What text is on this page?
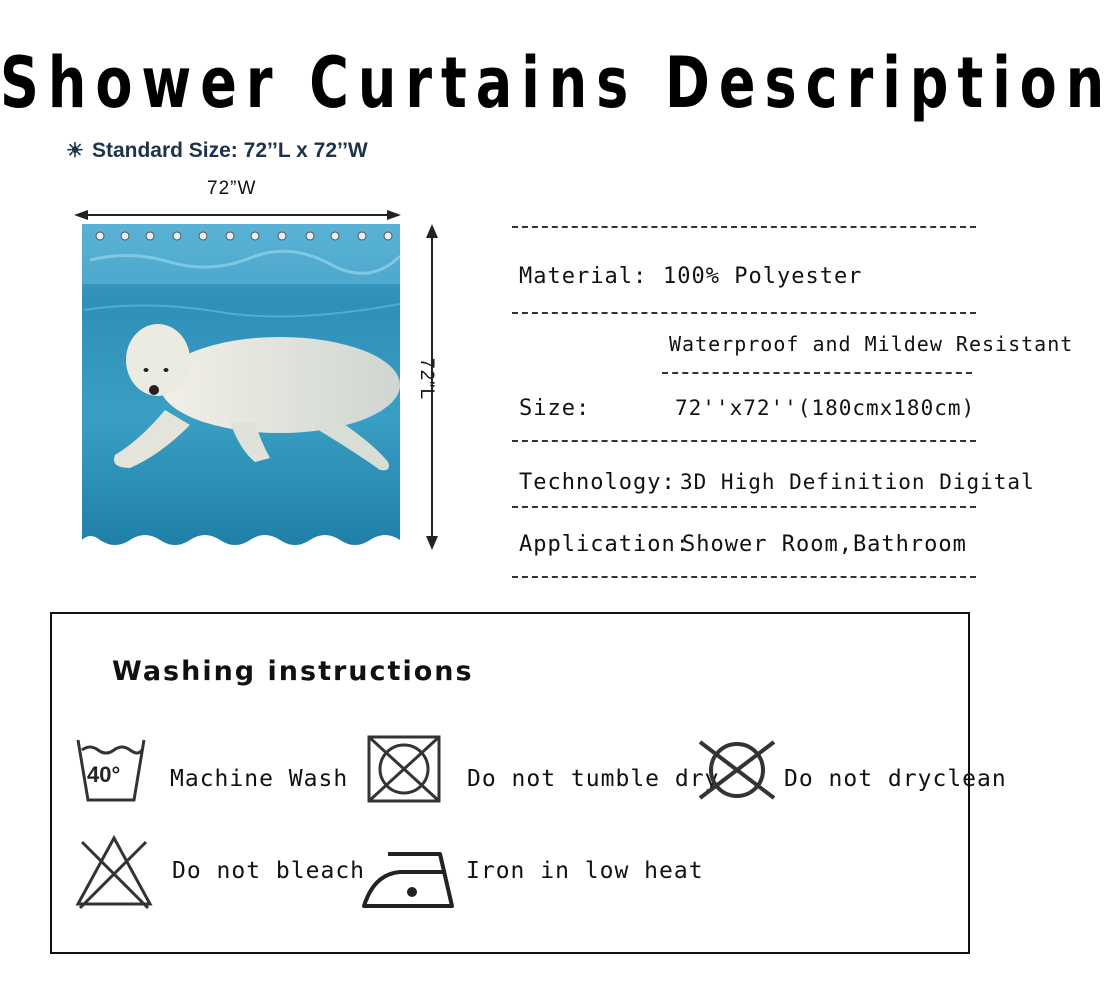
Shower Curtains Description
☀ Standard Size: 72’’L x 72’’W
72”W
72”L
Material: 100% Polyester
Waterproof and Mildew Resistant
Size:	72''x72''(180cmx180cm)
Technology: 3D High Definition Digital
Application:
Shower Room,Bathroom
Washing instructions
40° Machine Wash	Do not tumble dry	Do not dryclean
Do not bleach	Iron in low heat
